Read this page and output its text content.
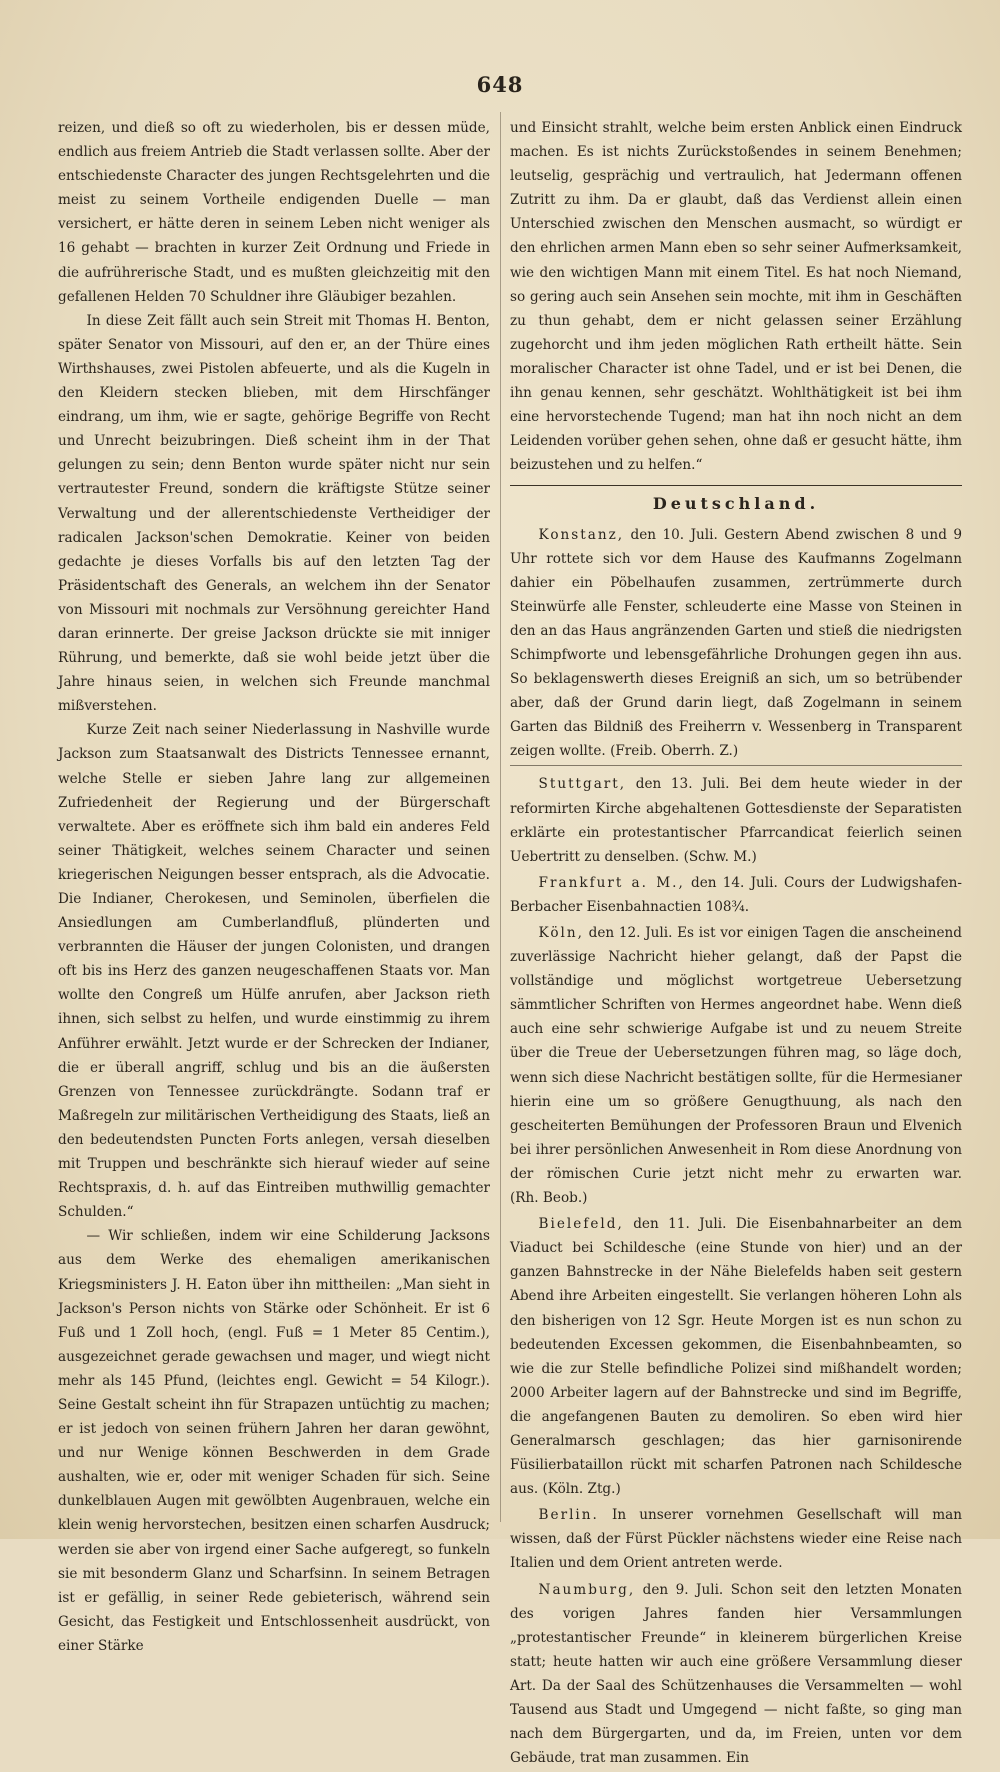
648

reizen, und dieß so oft zu wiederholen, bis er dessen müde, endlich aus freiem Antrieb die Stadt verlassen sollte. Aber der entschiedenste Character des jungen Rechtsgelehrten und die meist zu seinem Vortheile endigenden Duelle — man versichert, er hätte deren in seinem Leben nicht weniger als 16 gehabt — brachten in kurzer Zeit Ordnung und Friede in die aufrührerische Stadt, und es mußten gleichzeitig mit den gefallenen Helden 70 Schuldner ihre Gläubiger bezahlen.

In diese Zeit fällt auch sein Streit mit Thomas H. Benton, später Senator von Missouri, auf den er, an der Thüre eines Wirthshauses, zwei Pistolen abfeuerte, und als die Kugeln in den Kleidern stecken blieben, mit dem Hirschfänger eindrang, um ihm, wie er sagte, gehörige Begriffe von Recht und Unrecht beizubringen. Dieß scheint ihm in der That gelungen zu sein; denn Benton wurde später nicht nur sein vertrautester Freund, sondern die kräftigste Stütze seiner Verwaltung und der allerentschiedenste Vertheidiger der radicalen Jackson'schen Demokratie. Keiner von beiden gedachte je dieses Vorfalls bis auf den letzten Tag der Präsidentschaft des Generals, an welchem ihn der Senator von Missouri mit nochmals zur Versöhnung gereichter Hand daran erinnerte. Der greise Jackson drückte sie mit inniger Rührung, und bemerkte, daß sie wohl beide jetzt über die Jahre hinaus seien, in welchen sich Freunde manchmal mißverstehen.

Kurze Zeit nach seiner Niederlassung in Nashville wurde Jackson zum Staatsanwalt des Districts Tennessee ernannt, welche Stelle er sieben Jahre lang zur allgemeinen Zufriedenheit der Regierung und der Bürgerschaft verwaltete. Aber es eröffnete sich ihm bald ein anderes Feld seiner Thätigkeit, welches seinem Character und seinen kriegerischen Neigungen besser entsprach, als die Advocatie. Die Indianer, Cherokesen, und Seminolen, überfielen die Ansiedlungen am Cumberlandfluß, plünderten und verbrannten die Häuser der jungen Colonisten, und drangen oft bis ins Herz des ganzen neugeschaffenen Staats vor. Man wollte den Congreß um Hülfe anrufen, aber Jackson rieth ihnen, sich selbst zu helfen, und wurde einstimmig zu ihrem Anführer erwählt. Jetzt wurde er der Schrecken der Indianer, die er überall angriff, schlug und bis an die äußersten Grenzen von Tennessee zurückdrängte. Sodann traf er Maßregeln zur militärischen Vertheidigung des Staats, ließ an den bedeutendsten Puncten Forts anlegen, versah dieselben mit Truppen und beschränkte sich hierauf wieder auf seine Rechtspraxis, d. h. auf das Eintreiben muthwillig gemachter Schulden.“

— Wir schließen, indem wir eine Schilderung Jacksons aus dem Werke des ehemaligen amerikanischen Kriegsministers J. H. Eaton über ihn mittheilen: „Man sieht in Jackson's Person nichts von Stärke oder Schönheit. Er ist 6 Fuß und 1 Zoll hoch, (engl. Fuß = 1 Meter 85 Centim.), ausgezeichnet gerade gewachsen und mager, und wiegt nicht mehr als 145 Pfund, (leichtes engl. Gewicht = 54 Kilogr.). Seine Gestalt scheint ihn für Strapazen untüchtig zu machen; er ist jedoch von seinen frühern Jahren her daran gewöhnt, und nur Wenige können Beschwerden in dem Grade aushalten, wie er, oder mit weniger Schaden für sich. Seine dunkelblauen Augen mit gewölbten Augenbrauen, welche ein klein wenig hervorstechen, besitzen einen scharfen Ausdruck; werden sie aber von irgend einer Sache aufgeregt, so funkeln sie mit besonderm Glanz und Scharfsinn. In seinem Betragen ist er gefällig, in seiner Rede gebieterisch, während sein Gesicht, das Festigkeit und Entschlossenheit ausdrückt, von einer Stärke

und Einsicht strahlt, welche beim ersten Anblick einen Eindruck machen. Es ist nichts Zurückstoßendes in seinem Benehmen; leutselig, gesprächig und vertraulich, hat Jedermann offenen Zutritt zu ihm. Da er glaubt, daß das Verdienst allein einen Unterschied zwischen den Menschen ausmacht, so würdigt er den ehrlichen armen Mann eben so sehr seiner Aufmerksamkeit, wie den wichtigen Mann mit einem Titel. Es hat noch Niemand, so gering auch sein Ansehen sein mochte, mit ihm in Geschäften zu thun gehabt, dem er nicht gelassen seiner Erzählung zugehorcht und ihm jeden möglichen Rath ertheilt hätte. Sein moralischer Character ist ohne Tadel, und er ist bei Denen, die ihn genau kennen, sehr geschätzt. Wohlthätigkeit ist bei ihm eine hervorstechende Tugend; man hat ihn noch nicht an dem Leidenden vorüber gehen sehen, ohne daß er gesucht hätte, ihm beizustehen und zu helfen.“

Deutschland.

Konstanz, den 10. Juli. Gestern Abend zwischen 8 und 9 Uhr rottete sich vor dem Hause des Kaufmanns Zogelmann dahier ein Pöbelhaufen zusammen, zertrümmerte durch Steinwürfe alle Fenster, schleuderte eine Masse von Steinen in den an das Haus angränzenden Garten und stieß die niedrigsten Schimpfworte und lebensgefährliche Drohungen gegen ihn aus. So beklagenswerth dieses Ereigniß an sich, um so betrübender aber, daß der Grund darin liegt, daß Zogelmann in seinem Garten das Bildniß des Freiherrn v. Wessenberg in Transparent zeigen wollte. (Freib. Oberrh. Z.)

Stuttgart, den 13. Juli. Bei dem heute wieder in der reformirten Kirche abgehaltenen Gottesdienste der Separatisten erklärte ein protestantischer Pfarrcandicat feierlich seinen Uebertritt zu denselben. (Schw. M.)

Frankfurt a. M., den 14. Juli. Cours der Ludwigshafen-Berbacher Eisenbahnactien 108¾.

Köln, den 12. Juli. Es ist vor einigen Tagen die anscheinend zuverlässige Nachricht hieher gelangt, daß der Papst die vollständige und möglichst wortgetreue Uebersetzung sämmtlicher Schriften von Hermes angeordnet habe. Wenn dieß auch eine sehr schwierige Aufgabe ist und zu neuem Streite über die Treue der Uebersetzungen führen mag, so läge doch, wenn sich diese Nachricht bestätigen sollte, für die Hermesianer hierin eine um so größere Genugthuung, als nach den gescheiterten Bemühungen der Professoren Braun und Elvenich bei ihrer persönlichen Anwesenheit in Rom diese Anordnung von der römischen Curie jetzt nicht mehr zu erwarten war. (Rh. Beob.)

Bielefeld, den 11. Juli. Die Eisenbahnarbeiter an dem Viaduct bei Schildesche (eine Stunde von hier) und an der ganzen Bahnstrecke in der Nähe Bielefelds haben seit gestern Abend ihre Arbeiten eingestellt. Sie verlangen höheren Lohn als den bisherigen von 12 Sgr. Heute Morgen ist es nun schon zu bedeutenden Excessen gekommen, die Eisenbahnbeamten, so wie die zur Stelle befindliche Polizei sind mißhandelt worden; 2000 Arbeiter lagern auf der Bahnstrecke und sind im Begriffe, die angefangenen Bauten zu demoliren. So eben wird hier Generalmarsch geschlagen; das hier garnisonirende Füsilierbataillon rückt mit scharfen Patronen nach Schildesche aus. (Köln. Ztg.)

Berlin. In unserer vornehmen Gesellschaft will man wissen, daß der Fürst Pückler nächstens wieder eine Reise nach Italien und dem Orient antreten werde.

Naumburg, den 9. Juli. Schon seit den letzten Monaten des vorigen Jahres fanden hier Versammlungen „protestantischer Freunde“ in kleinerem bürgerlichen Kreise statt; heute hatten wir auch eine größere Versammlung dieser Art. Da der Saal des Schützenhauses die Versammelten — wohl Tausend aus Stadt und Umgegend — nicht faßte, so ging man nach dem Bürgergarten, und da, im Freien, unten vor dem Gebäude, trat man zusammen. Ein
